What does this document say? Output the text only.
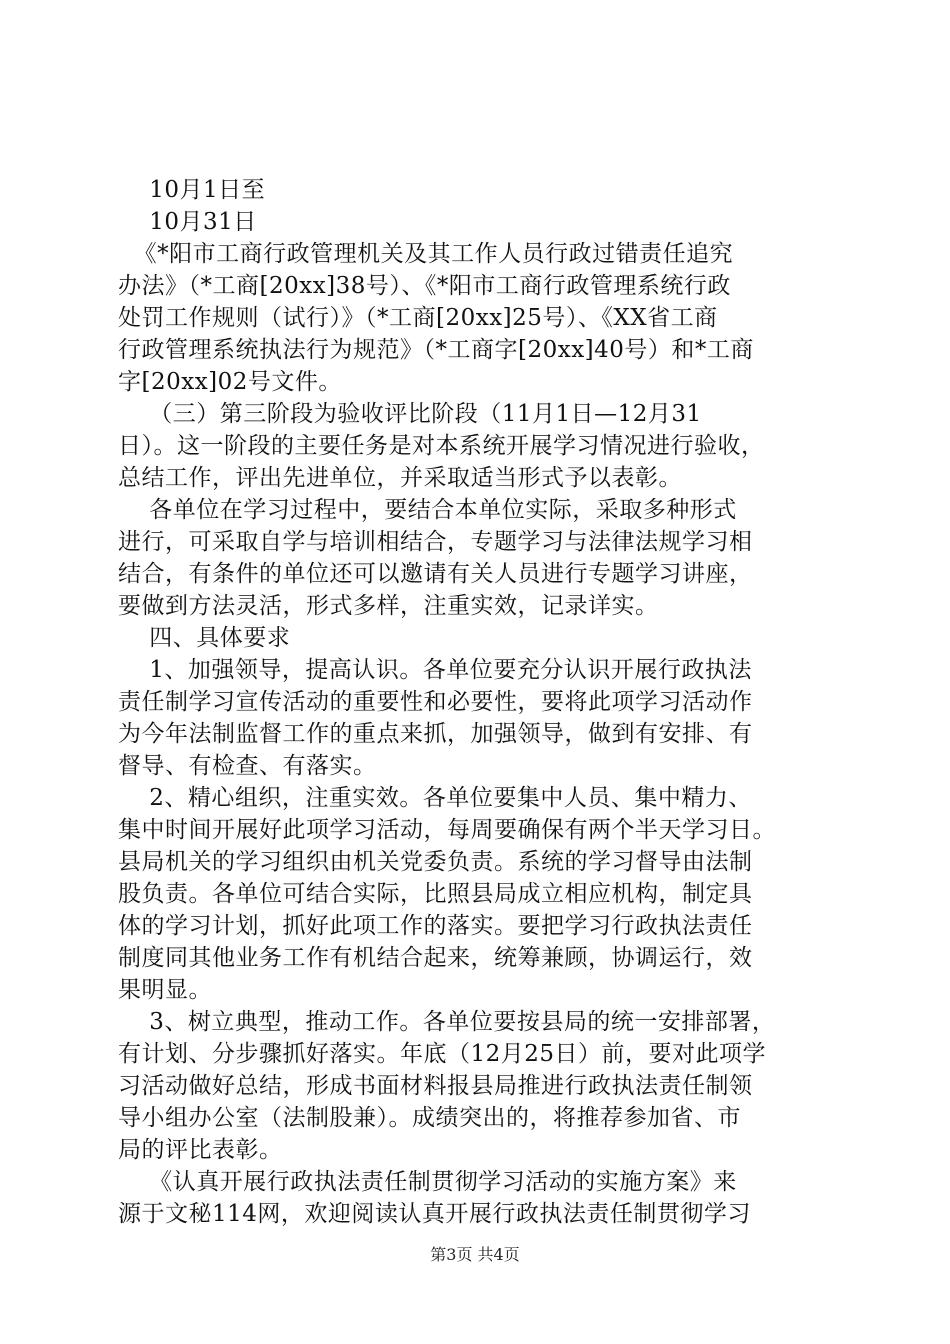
10月1日至
10月31日
《*阳市工商行政管理机关及其工作人员行政过错责任追究
办法》（*工商[20xx]38号）、《*阳市工商行政管理系统行政
处罚工作规则（试行）》（*工商[20xx]25号）、《XX省工商
行政管理系统执法行为规范》（*工商字[20xx]40号）和*工商
字[20xx]02号文件。
（三）第三阶段为验收评比阶段（11月1日—12月31
日）。这一阶段的主要任务是对本系统开展学习情况进行验收，
总结工作，评出先进单位，并采取适当形式予以表彰。
各单位在学习过程中，要结合本单位实际，采取多种形式
进行，可采取自学与培训相结合，专题学习与法律法规学习相
结合，有条件的单位还可以邀请有关人员进行专题学习讲座，
要做到方法灵活，形式多样，注重实效，记录详实。
四、具体要求
1、加强领导，提高认识。各单位要充分认识开展行政执法
责任制学习宣传活动的重要性和必要性，要将此项学习活动作
为今年法制监督工作的重点来抓，加强领导，做到有安排、有
督导、有检查、有落实。
2、精心组织，注重实效。各单位要集中人员、集中精力、
集中时间开展好此项学习活动，每周要确保有两个半天学习日。
县局机关的学习组织由机关党委负责。系统的学习督导由法制
股负责。各单位可结合实际，比照县局成立相应机构，制定具
体的学习计划，抓好此项工作的落实。要把学习行政执法责任
制度同其他业务工作有机结合起来，统筹兼顾，协调运行，效
果明显。
3、树立典型，推动工作。各单位要按县局的统一安排部署，
有计划、分步骤抓好落实。年底（12月25日）前，要对此项学
习活动做好总结，形成书面材料报县局推进行政执法责任制领
导小组办公室（法制股兼）。成绩突出的，将推荐参加省、市
局的评比表彰。
《认真开展行政执法责任制贯彻学习活动的实施方案》来
源于文秘114网，欢迎阅读认真开展行政执法责任制贯彻学习
第3页 共4页
